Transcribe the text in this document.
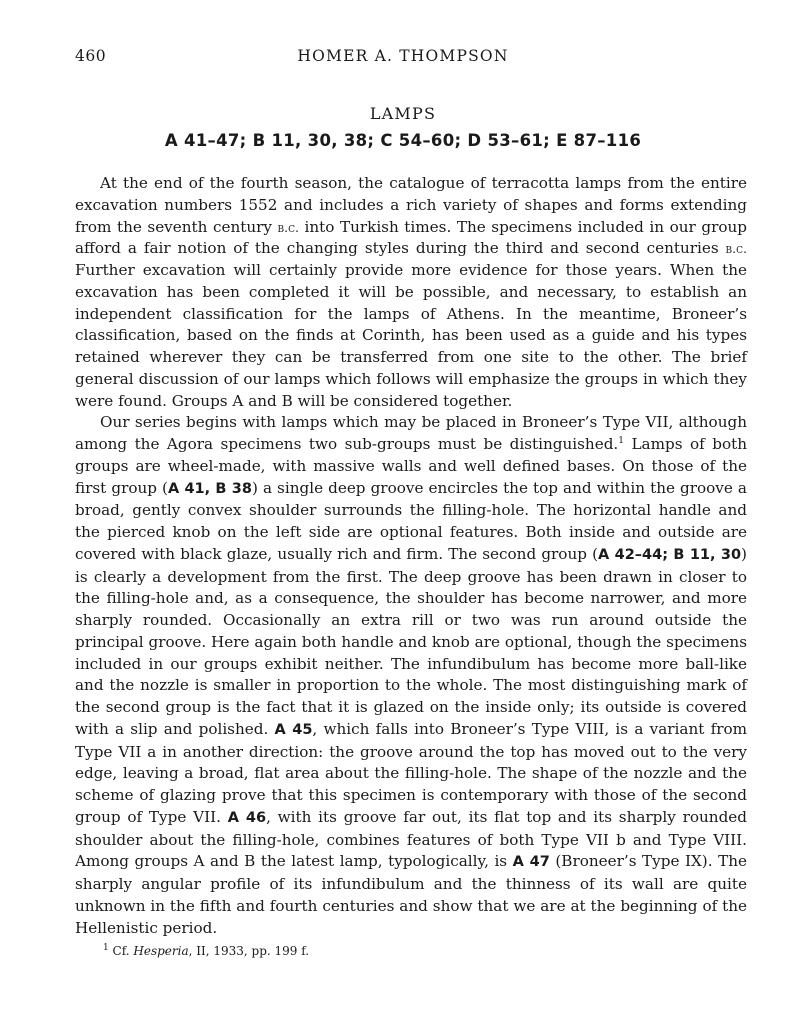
460	HOMER A. THOMPSON
LAMPS
A 41–47; B 11, 30, 38; C 54–60; D 53–61; E 87–116

At the end of the fourth season, the catalogue of terracotta lamps from the entire excavation numbers 1552 and includes a rich variety of shapes and forms extending from the seventh century b.c. into Turkish times. The specimens included in our group afford a fair notion of the changing styles during the third and second centuries b.c. Further excavation will certainly provide more evidence for those years. When the excavation has been completed it will be possible, and necessary, to establish an independent classification for the lamps of Athens. In the meantime, Broneer’s classification, based on the finds at Corinth, has been used as a guide and his types retained wherever they can be transferred from one site to the other. The brief general discussion of our lamps which follows will emphasize the groups in which they were found. Groups A and B will be considered together.

Our series begins with lamps which may be placed in Broneer’s Type VII, although among the Agora specimens two sub-groups must be distinguished.$^1$ Lamps of both groups are wheel-made, with massive walls and well defined bases. On those of the first group (A 41, B 38) a single deep groove encircles the top and within the groove a broad, gently convex shoulder surrounds the filling-hole. The horizontal handle and the pierced knob on the left side are optional features. Both inside and outside are covered with black glaze, usually rich and firm. The second group (A 42–44; B 11, 30) is clearly a development from the first. The deep groove has been drawn in closer to the filling-hole and, as a consequence, the shoulder has become narrower, and more sharply rounded. Occasionally an extra rill or two was run around outside the principal groove. Here again both handle and knob are optional, though the specimens included in our groups exhibit neither. The infundibulum has become more ball-like and the nozzle is smaller in proportion to the whole. The most distinguishing mark of the second group is the fact that it is glazed on the inside only; its outside is covered with a slip and polished. A 45, which falls into Broneer’s Type VIII, is a variant from Type VII a in another direction: the groove around the top has moved out to the very edge, leaving a broad, flat area about the filling-hole. The shape of the nozzle and the scheme of glazing prove that this specimen is contemporary with those of the second group of Type VII. A 46, with its groove far out, its flat top and its sharply rounded shoulder about the filling-hole, combines features of both Type VII b and Type VIII. Among groups A and B the latest lamp, typologically, is A 47 (Broneer’s Type IX). The sharply angular profile of its infundibulum and the thinness of its wall are quite unknown in the fifth and fourth centuries and show that we are at the beginning of the Hellenistic period.

$^1$ Cf. Hesperia, II, 1933, pp. 199 f.
